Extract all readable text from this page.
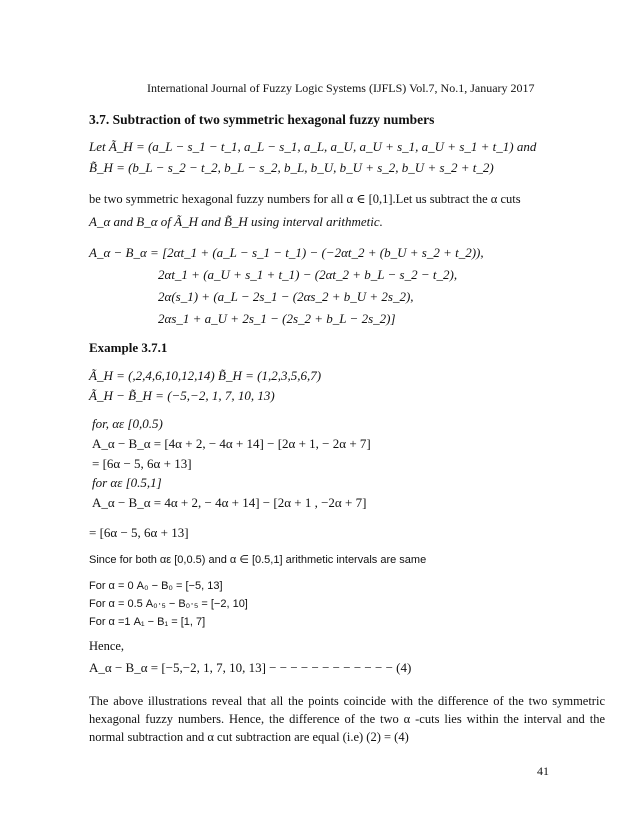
International Journal of Fuzzy Logic Systems (IJFLS) Vol.7, No.1, January 2017
3.7. Subtraction of two symmetric hexagonal fuzzy numbers
Let Ã_H = (a_L − s_1 − t_1, a_L − s_1, a_L, a_U, a_U + s_1, a_U + s_1 + t_1) and
B̃_H = (b_L − s_2 − t_2, b_L − s_2, b_L, b_U, b_U + s_2, b_U + s_2 + t_2)
be two symmetric hexagonal fuzzy numbers for all α ∈ [0,1].Let us subtract the α cuts
A_α and B_α of Ã_H and B̃_H using interval arithmetic.
A_α − B_α = [2αt_1 + (a_L − s_1 − t_1) − (−2αt_2 + (b_U + s_2 + t_2)),
2αt_1 + (a_U + s_1 + t_1) − (2αt_2 + b_L − s_2 − t_2),
2α(s_1) + (a_L − 2s_1 − (2αs_2 + b_U + 2s_2),
2αs_1 + a_U + 2s_1 − (2s_2 + b_L − 2s_2)]
Example 3.7.1
Ã_H = (,2,4,6,10,12,14) B̃_H = (1,2,3,5,6,7)
Ã_H − B̃_H = (−5,−2, 1, 7, 10, 13)
for, αε [0,0.5)
A_α − B_α = [4α + 2, − 4α + 14] − [2α + 1, − 2α + 7]
= [6α − 5, 6α + 13]
for αε [0.5,1]
A_α − B_α = 4α + 2, − 4α + 14] − [2α + 1 , −2α + 7]
= [6α − 5, 6α + 13]
Since for both αε [0,0.5) and α ∈ [0.5,1] arithmetic intervals are same
For α = 0 A₀ − B₀ = [−5, 13]
For α = 0.5 A₀·₅ − B₀·₅ = [−2, 10]
For α =1 A₁ − B₁ = [1, 7]
Hence,
A_α − B_α = [−5,−2, 1, 7, 10, 13] − − − − − − − − − − − − (4)
The above illustrations reveal that all the points coincide with the difference of the two symmetric hexagonal fuzzy numbers. Hence, the difference of the two α -cuts lies within the interval and the normal subtraction and α cut subtraction are equal (i.e) (2) = (4)
41
